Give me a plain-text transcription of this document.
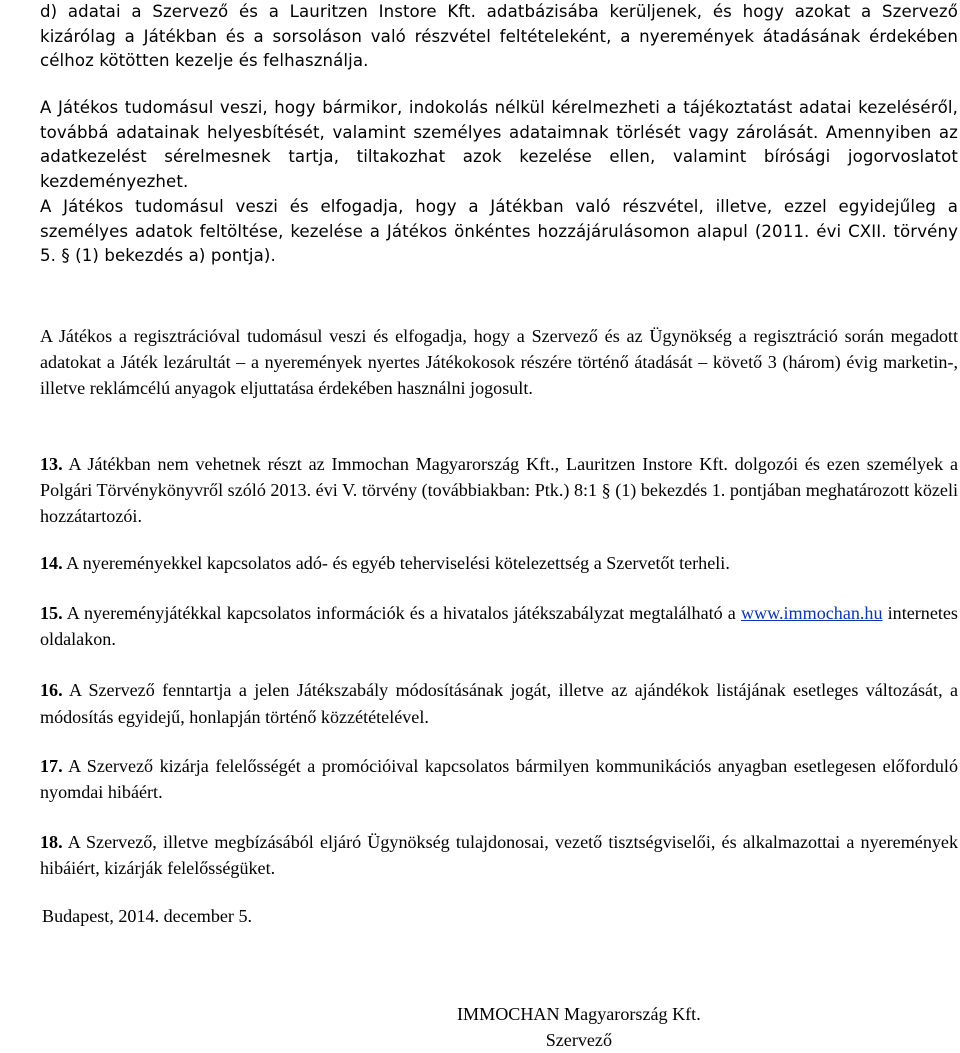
d) adatai a Szervező és a Lauritzen Instore Kft. adatbázisába kerüljenek, és hogy azokat a Szervező kizárólag a Játékban és a sorsoláson való részvétel feltételeként, a nyeremények átadásának érdekében célhoz kötötten kezelje és felhasználja.

A Játékos tudomásul veszi, hogy bármikor, indokolás nélkül kérelmezheti a tájékoztatást adatai kezeléséről, továbbá adatainak helyesbítését, valamint személyes adataimnak törlését vagy zárolását. Amennyiben az adatkezelést sérelmesnek tartja, tiltakozhat azok kezelése ellen, valamint bírósági jogorvoslatot kezdeményezhet.

A Játékos tudomásul veszi és elfogadja, hogy a Játékban való részvétel, illetve, ezzel egyidejűleg a személyes adatok feltöltése, kezelése a Játékos önkéntes hozzájárulásomon alapul (2011. évi CXII. törvény 5. § (1) bekezdés a) pontja).

A Játékos a regisztrációval tudomásul veszi és elfogadja, hogy a Szervező és az Ügynökség a regisztráció során megadott adatokat a Játék lezárultát – a nyeremények nyertes Játékokosok részére történő átadását – követő 3 (három) évig marketin-, illetve reklámcélú anyagok eljuttatása érdekében használni jogosult.

13. A Játékban nem vehetnek részt az Immochan Magyarország Kft., Lauritzen Instore Kft. dolgozói és ezen személyek a Polgári Törvénykönyvről szóló 2013. évi V. törvény (továbbiakban: Ptk.) 8:1 § (1) bekezdés 1. pontjában meghatározott közeli hozzátartozói.

14. A nyereményekkel kapcsolatos adó- és egyéb teherviselési kötelezettség a Szervetőt terheli.

15. A nyereményjátékkal kapcsolatos információk és a hivatalos játékszabályzat megtalálható a www.immochan.hu internetes oldalakon.

16. A Szervező fenntartja a jelen Játékszabály módosításának jogát, illetve az ajándékok listájának esetleges változását, a módosítás egyidejű, honlapján történő közzétételével.

17. A Szervező kizárja felelősségét a promócióival kapcsolatos bármilyen kommunikációs anyagban esetlegesen előforduló nyomdai hibáért.

18. A Szervező, illetve megbízásából eljáró Ügynökség tulajdonosai, vezető tisztségviselői, és alkalmazottai a nyeremények hibáiért, kizárják felelősségüket.

Budapest, 2014. december 5.

IMMOCHAN Magyarország Kft.
Szervező
